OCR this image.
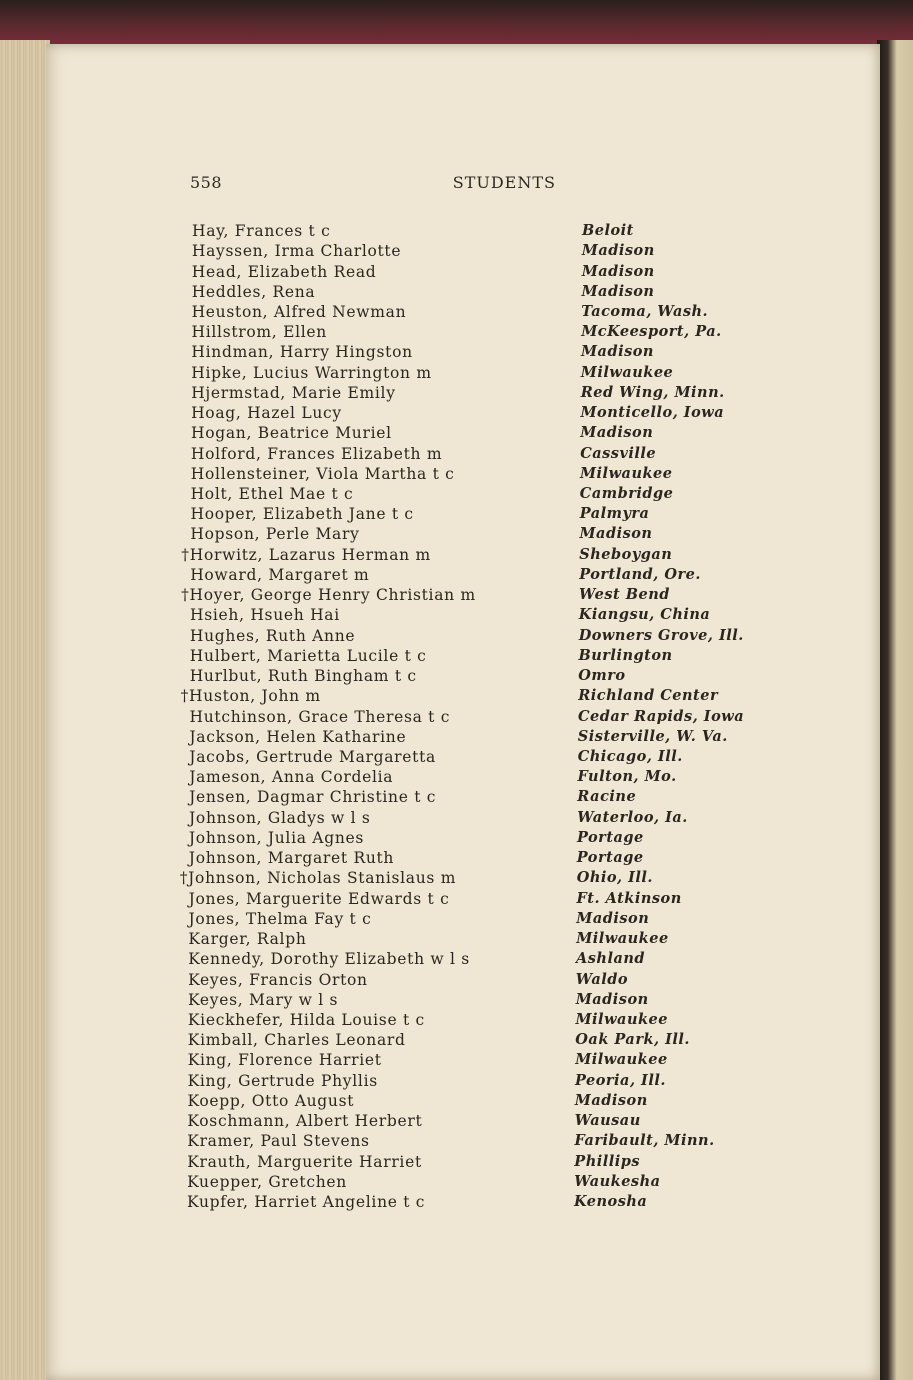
558	STUDENTS
Hay, Frances t c	Beloit
Hayssen, Irma Charlotte	Madison
Head, Elizabeth Read	Madison
Heddles, Rena	Madison
Heuston, Alfred Newman	Tacoma, Wash.
Hillstrom, Ellen	McKeesport, Pa.
Hindman, Harry Hingston	Madison
Hipke, Lucius Warrington m	Milwaukee
Hjermstad, Marie Emily	Red Wing, Minn.
Hoag, Hazel Lucy	Monticello, Iowa
Hogan, Beatrice Muriel	Madison
Holford, Frances Elizabeth m	Cassville
Hollensteiner, Viola Martha t c	Milwaukee
Holt, Ethel Mae t c	Cambridge
Hooper, Elizabeth Jane t c	Palmyra
Hopson, Perle Mary	Madison
†Horwitz, Lazarus Herman m	Sheboygan
Howard, Margaret m	Portland, Ore.
†Hoyer, George Henry Christian m	West Bend
Hsieh, Hsueh Hai	Kiangsu, China
Hughes, Ruth Anne	Downers Grove, Ill.
Hulbert, Marietta Lucile t c	Burlington
Hurlbut, Ruth Bingham t c	Omro
†Huston, John m	Richland Center
Hutchinson, Grace Theresa t c	Cedar Rapids, Iowa
Jackson, Helen Katharine	Sisterville, W. Va.
Jacobs, Gertrude Margaretta	Chicago, Ill.
Jameson, Anna Cordelia	Fulton, Mo.
Jensen, Dagmar Christine t c	Racine
Johnson, Gladys w l s	Waterloo, Ia.
Johnson, Julia Agnes	Portage
Johnson, Margaret Ruth	Portage
†Johnson, Nicholas Stanislaus m	Ohio, Ill.
Jones, Marguerite Edwards t c	Ft. Atkinson
Jones, Thelma Fay t c	Madison
Karger, Ralph	Milwaukee
Kennedy, Dorothy Elizabeth w l s	Ashland
Keyes, Francis Orton	Waldo
Keyes, Mary w l s	Madison
Kieckhefer, Hilda Louise t c	Milwaukee
Kimball, Charles Leonard	Oak Park, Ill.
King, Florence Harriet	Milwaukee
King, Gertrude Phyllis	Peoria, Ill.
Koepp, Otto August	Madison
Koschmann, Albert Herbert	Wausau
Kramer, Paul Stevens	Faribault, Minn.
Krauth, Marguerite Harriet	Phillips
Kuepper, Gretchen	Waukesha
Kupfer, Harriet Angeline t c	Kenosha
